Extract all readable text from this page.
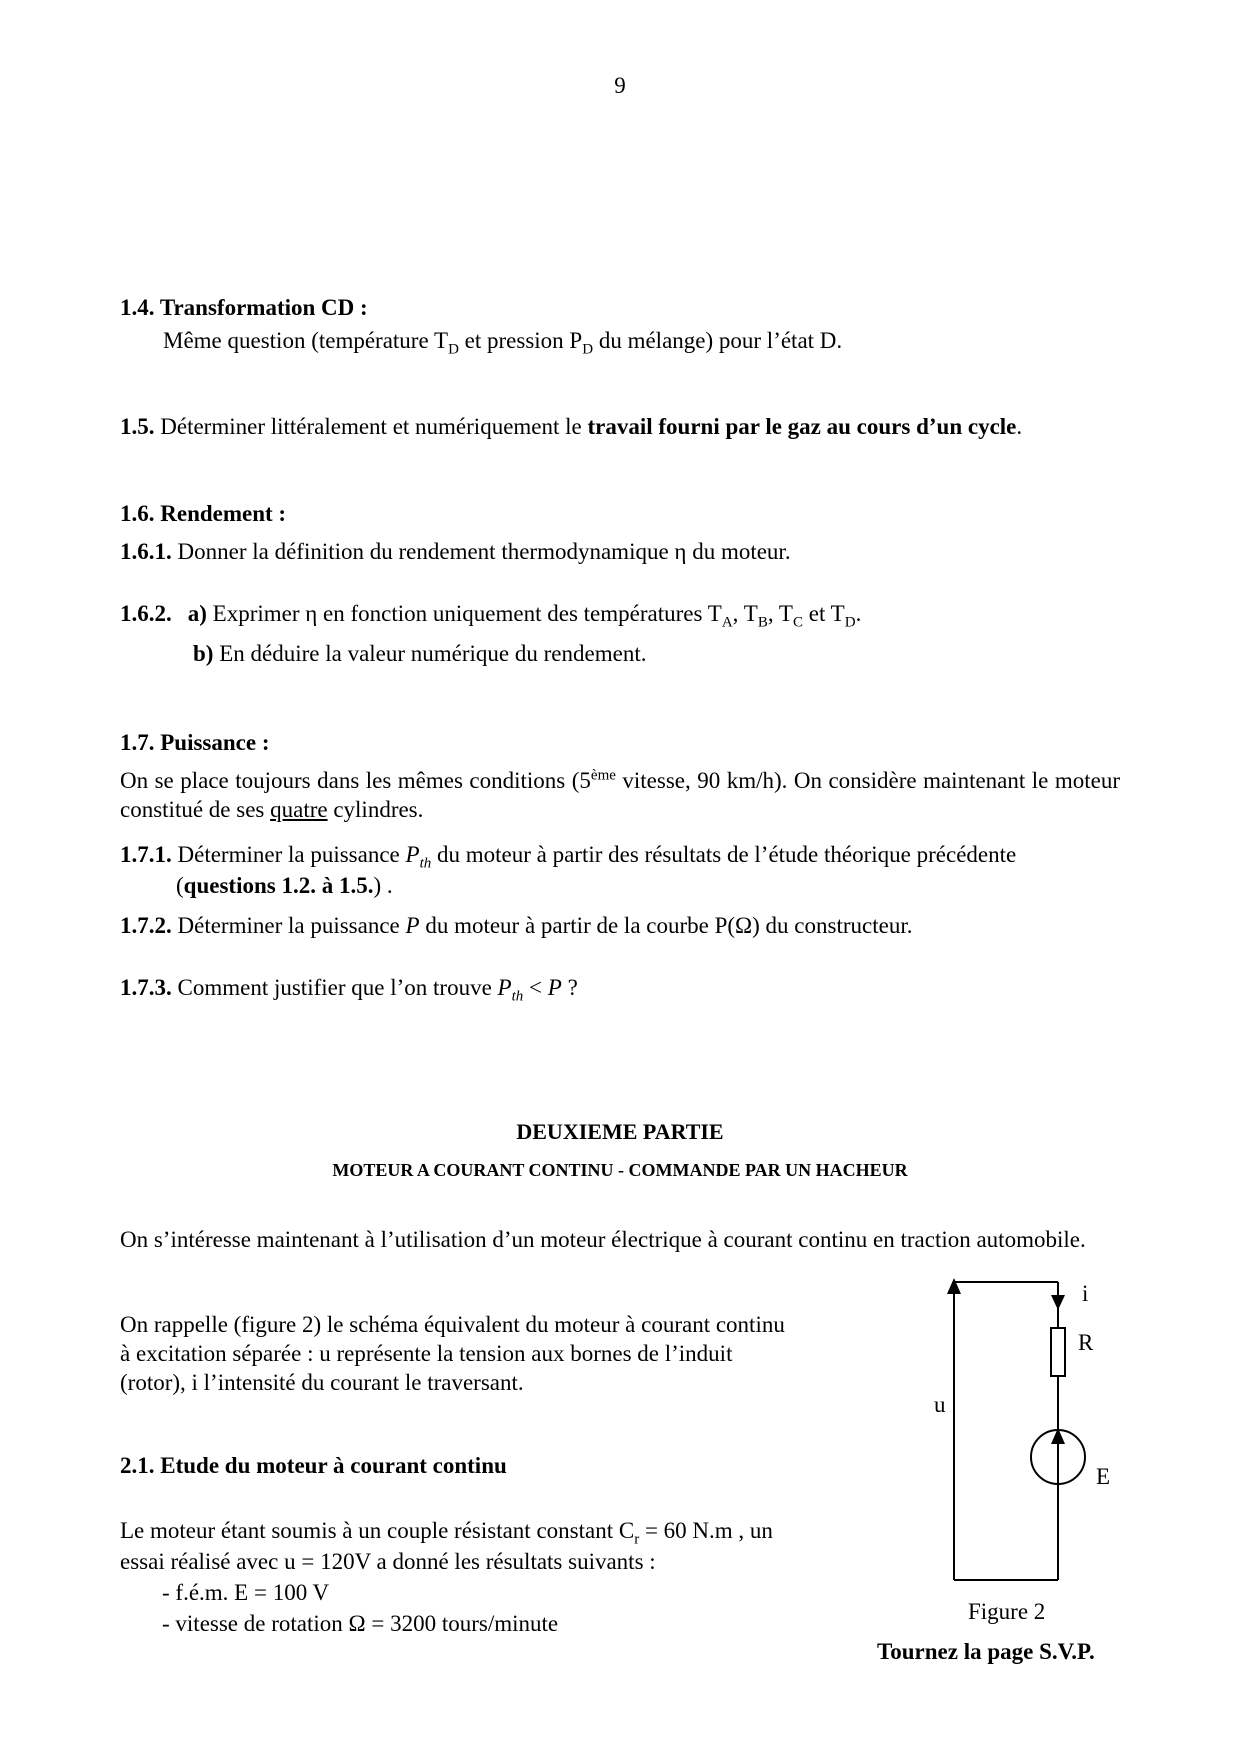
9
1.4. Transformation CD :
Même question (température $T_D$ et pression $P_D$ du mélange) pour l’état D.
1.5. Déterminer littéralement et numériquement le travail fourni par le gaz au cours d’un cycle.
1.6. Rendement :
1.6.1. Donner la définition du rendement thermodynamique η du moteur.
1.6.2. a) Exprimer η en fonction uniquement des températures $T_A$, $T_B$, $T_C$ et $T_D$.
b) En déduire la valeur numérique du rendement.
1.7. Puissance :
On se place toujours dans les mêmes conditions (5ème vitesse, 90 km/h). On considère maintenant le moteur constitué de ses quatre cylindres.
1.7.1. Déterminer la puissance $P_{th}$ du moteur à partir des résultats de l’étude théorique précédente
(questions 1.2. à 1.5.) .
1.7.2. Déterminer la puissance P du moteur à partir de la courbe P(Ω) du constructeur.
1.7.3. Comment justifier que l’on trouve $P_{th} < P$ ?
DEUXIEME PARTIE
MOTEUR A COURANT CONTINU - COMMANDE PAR UN HACHEUR
On s’intéresse maintenant à l’utilisation d’un moteur électrique à courant continu en traction automobile.
On rappelle (figure 2) le schéma équivalent du moteur à courant continu
à excitation séparée : u représente la tension aux bornes de l’induit
(rotor), i l’intensité du courant le traversant.
2.1. Etude du moteur à courant continu
Le moteur étant soumis à un couple résistant constant $C_r = 60$ N.m , un
essai réalisé avec u = 120V a donné les résultats suivants :
- f.é.m. E = 100 V
- vitesse de rotation Ω = 3200 tours/minute
Tournez la page S.V.P.
i
R
u
E
Figure 2
